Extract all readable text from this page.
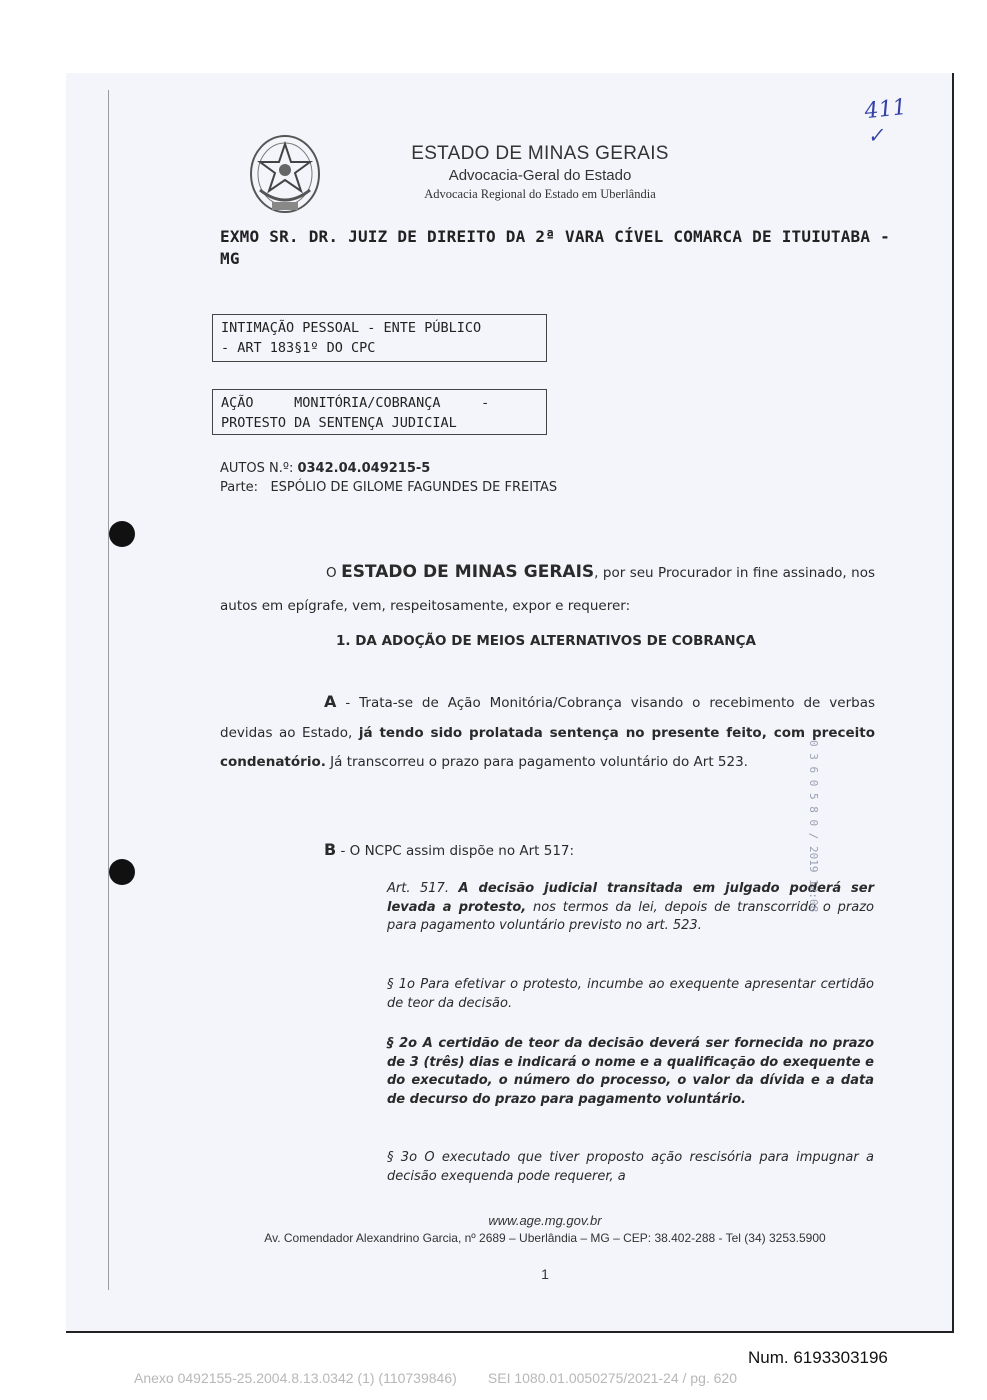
411
✓
ESTADO DE MINAS GERAIS
Advocacia-Geral do Estado
Advocacia Regional do Estado em Uberlândia
EXMO SR. DR. JUIZ DE DIREITO DA 2ª VARA CÍVEL COMARCA DE ITUIUTABA - MG
INTIMAÇÃO PESSOAL - ENTE PÚBLICO
- ART 183§1º DO CPC
AÇÃO     MONITÓRIA/COBRANÇA     -
PROTESTO DA SENTENÇA JUDICIAL
AUTOS N.º: 0342.04.049215-5
Parte: ESPÓLIO DE GILOME FAGUNDES DE FREITAS
O ESTADO DE MINAS GERAIS, por seu Procurador in fine assinado, nos autos em epígrafe, vem, respeitosamente, expor e requerer:
1. DA ADOÇÃO DE MEIOS ALTERNATIVOS DE COBRANÇA
A - Trata-se de Ação Monitória/Cobrança visando o recebimento de verbas devidas ao Estado, já tendo sido prolatada sentença no presente feito, com preceito condenatório. Já transcorreu o prazo para pagamento voluntário do Art 523.
B - O NCPC assim dispõe no Art 517:
Art. 517. A decisão judicial transitada em julgado poderá ser levada a protesto, nos termos da lei, depois de transcorrido o prazo para pagamento voluntário previsto no art. 523.
§ 1o Para efetivar o protesto, incumbe ao exequente apresentar certidão de teor da decisão.
§ 2o A certidão de teor da decisão deverá ser fornecida no prazo de 3 (três) dias e indicará o nome e a qualificação do exequente e do executado, o número do processo, o valor da dívida e a data de decurso do prazo para pagamento voluntário.
§ 3o O executado que tiver proposto ação rescisória para impugnar a decisão exequenda pode requerer, a
www.age.mg.gov.br
Av. Comendador Alexandrino Garcia, nº 2689 – Uberlândia – MG – CEP: 38.402-288 - Tel (34) 3253.5900
1
0 3 6 0 5 8 0 / 2019 12:08
Num. 6193303196
Anexo 0492155-25.2004.8.13.0342 (1) (110739846)        SEI 1080.01.0050275/2021-24 / pg. 620
